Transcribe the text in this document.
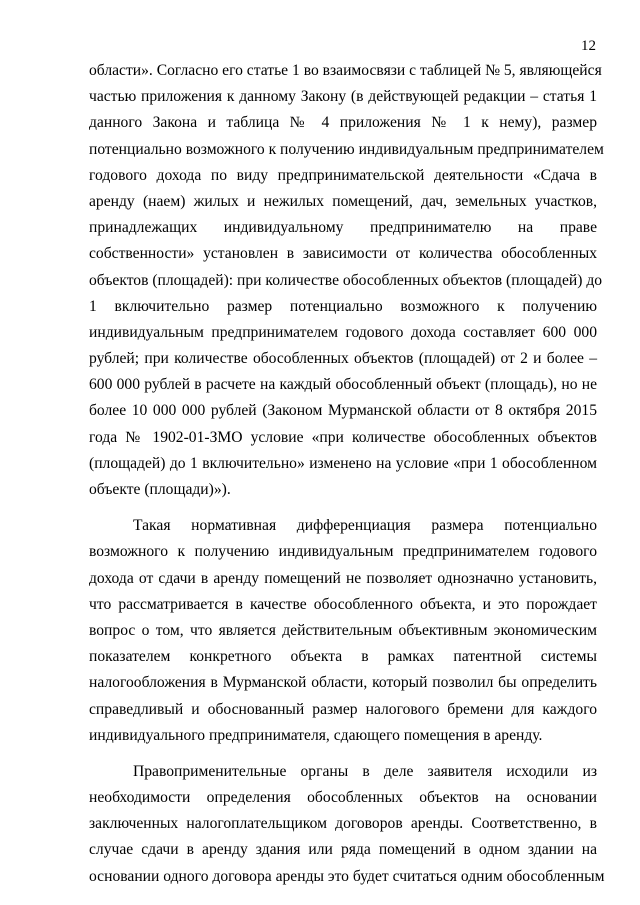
12
области». Согласно его статье 1 во взаимосвязи с таблицей № 5, являющейся
частью приложения к данному Закону (в действующей редакции – статья 1
данного Закона и таблица № 4 приложения № 1 к нему), размер
потенциально возможного к получению индивидуальным предпринимателем
годового дохода по виду предпринимательской деятельности «Сдача в
аренду (наем) жилых и нежилых помещений, дач, земельных участков,
принадлежащих индивидуальному предпринимателю на праве
собственности» установлен в зависимости от количества обособленных
объектов (площадей): при количестве обособленных объектов (площадей) до
1 включительно размер потенциально возможного к получению
индивидуальным предпринимателем годового дохода составляет 600 000
рублей; при количестве обособленных объектов (площадей) от 2 и более –
600 000 рублей в расчете на каждый обособленный объект (площадь), но не
более 10 000 000 рублей (Законом Мурманской области от 8 октября 2015
года № 1902-01-ЗМО условие «при количестве обособленных объектов
(площадей) до 1 включительно» изменено на условие «при 1 обособленном
объекте (площади)»).
Такая нормативная дифференциация размера потенциально
возможного к получению индивидуальным предпринимателем годового
дохода от сдачи в аренду помещений не позволяет однозначно установить,
что рассматривается в качестве обособленного объекта, и это порождает
вопрос о том, что является действительным объективным экономическим
показателем конкретного объекта в рамках патентной системы
налогообложения в Мурманской области, который позволил бы определить
справедливый и обоснованный размер налогового бремени для каждого
индивидуального предпринимателя, сдающего помещения в аренду.
Правоприменительные органы в деле заявителя исходили из
необходимости определения обособленных объектов на основании
заключенных налогоплательщиком договоров аренды. Соответственно, в
случае сдачи в аренду здания или ряда помещений в одном здании на
основании одного договора аренды это будет считаться одним обособленным
